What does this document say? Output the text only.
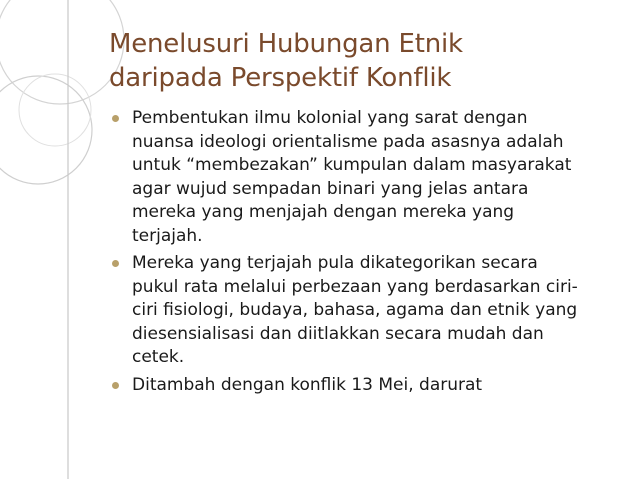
Menelusuri Hubungan Etnik
daripada Perspektif Konflik
Pembentukan ilmu kolonial yang sarat dengan
nuansa ideologi orientalisme pada asasnya adalah
untuk “membezakan” kumpulan dalam masyarakat
agar wujud sempadan binari yang jelas antara
mereka yang menjajah dengan mereka yang
terjajah.
Mereka yang terjajah pula dikategorikan secara
pukul rata melalui perbezaan yang berdasarkan ciri-
ciri fisiologi, budaya, bahasa, agama dan etnik yang
diesensialisasi dan diitlakkan secara mudah dan
cetek.
Ditambah dengan konflik 13 Mei, darurat
